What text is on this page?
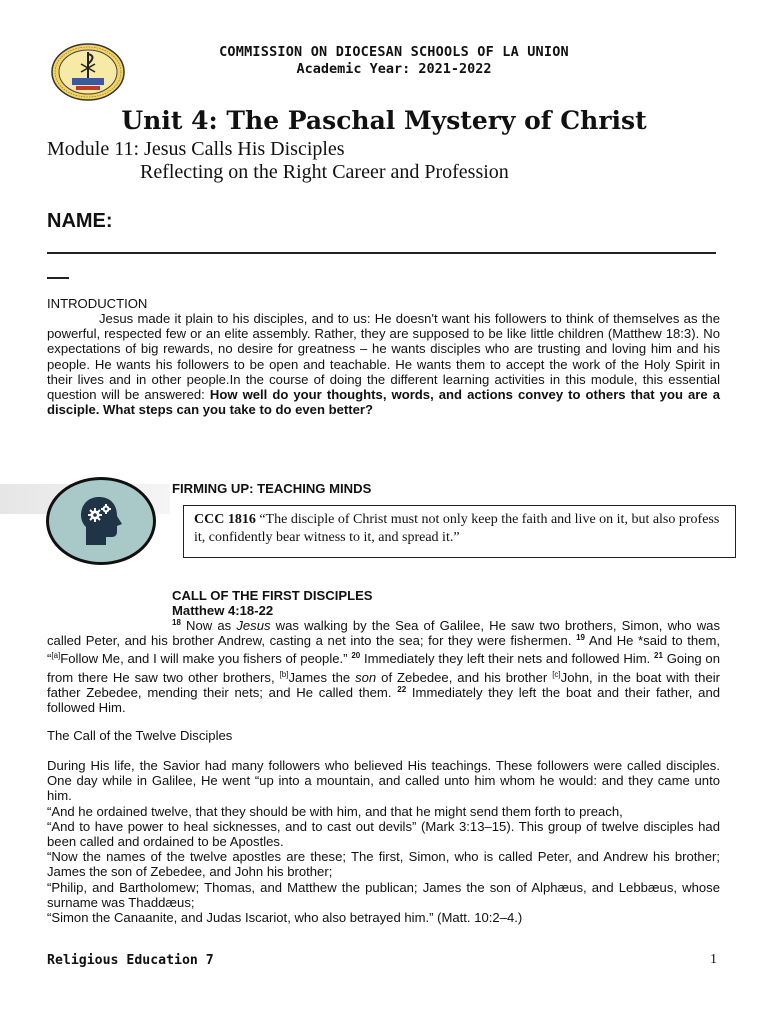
COMMISSION ON DIOCESAN SCHOOLS OF LA UNION
Academic Year: 2021-2022
Unit 4: The Paschal Mystery of Christ
Module 11: Jesus Calls His Disciples
Reflecting on the Right Career and Profession
NAME:
INTRODUCTION
Jesus made it plain to his disciples, and to us: He doesn't want his followers to think of themselves as the powerful, respected few or an elite assembly. Rather, they are supposed to be like little children (Matthew 18:3). No expectations of big rewards, no desire for greatness – he wants disciples who are trusting and loving him and his people. He wants his followers to be open and teachable. He wants them to accept the work of the Holy Spirit in their lives and in other people.In the course of doing the different learning activities in this module, this essential question will be answered: How well do your thoughts, words, and actions convey to others that you are a disciple. What steps can you take to do even better?
FIRMING UP: TEACHING MINDS
CCC 1816 “The disciple of Christ must not only keep the faith and live on it, but also profess it, confidently bear witness to it, and spread it.”
CALL OF THE FIRST DISCIPLES
Matthew 4:18-22
$^{18}$ Now as Jesus was walking by the Sea of Galilee, He saw two brothers, Simon, who was called Peter, and his brother Andrew, casting a net into the sea; for they were fishermen. $^{19}$ And He *said to them, “[a]Follow Me, and I will make you fishers of people.” $^{20}$ Immediately they left their nets and followed Him. $^{21}$ Going on from there He saw two other brothers, [b]James the son of Zebedee, and his brother [c]John, in the boat with their father Zebedee, mending their nets; and He called them. $^{22}$ Immediately they left the boat and their father, and followed Him.
The Call of the Twelve Disciples
During His life, the Savior had many followers who believed His teachings. These followers were called disciples. One day while in Galilee, He went “up into a mountain, and called unto him whom he would: and they came unto him.
“And he ordained twelve, that they should be with him, and that he might send them forth to preach,
“And to have power to heal sicknesses, and to cast out devils” (Mark 3:13–15). This group of twelve disciples had been called and ordained to be Apostles.
“Now the names of the twelve apostles are these; The first, Simon, who is called Peter, and Andrew his brother; James the son of Zebedee, and John his brother;
“Philip, and Bartholomew; Thomas, and Matthew the publican; James the son of Alphæus, and Lebbæus, whose surname was Thaddæus;
“Simon the Canaanite, and Judas Iscariot, who also betrayed him.” (Matt. 10:2–4.)
Religious Education 7	1
